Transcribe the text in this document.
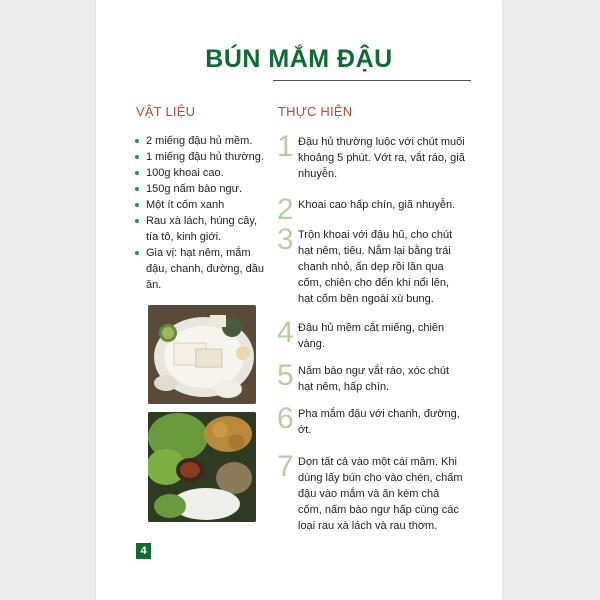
BÚN MẮM ĐẬU
VẬT LIỆU	THỰC HIỆN
2 miếng đậu hủ mềm.
1 miếng đậu hủ thường.
100g khoai cao.
150g nấm bào ngư.
Một ít cốm xanh
Rau xà lách, húng cây, tía tô, kinh giới.
Gia vị: hạt nêm, mắm đậu, chanh, đường, dầu ăn.
1 Đậu hủ thường luộc với chút muối khoảng 5 phút. Vớt ra, vắt ráo, giã nhuyễn.
2 Khoai cao hấp chín, giã nhuyễn.
3 Trộn khoai với đậu hũ, cho chút hạt nêm, tiêu. Nắm lại bằng trái chanh nhỏ, ấn dẹp rồi lăn qua cốm, chiên cho đến khi nổi lên, hạt cốm bên ngoài xù bung.
4 Đậu hủ mềm cắt miếng, chiên vàng.
5 Nấm bào ngư vắt ráo, xóc chút hạt nêm, hấp chín.
6 Pha mắm đậu với chanh, đường, ớt.
7 Dọn tất cả vào một cái mâm. Khi dùng lấy bún cho vào chén, chấm đậu vào mắm và ăn kèm chả cốm, nấm bào ngư hấp cùng các loại rau xà lách và rau thơm.
4
